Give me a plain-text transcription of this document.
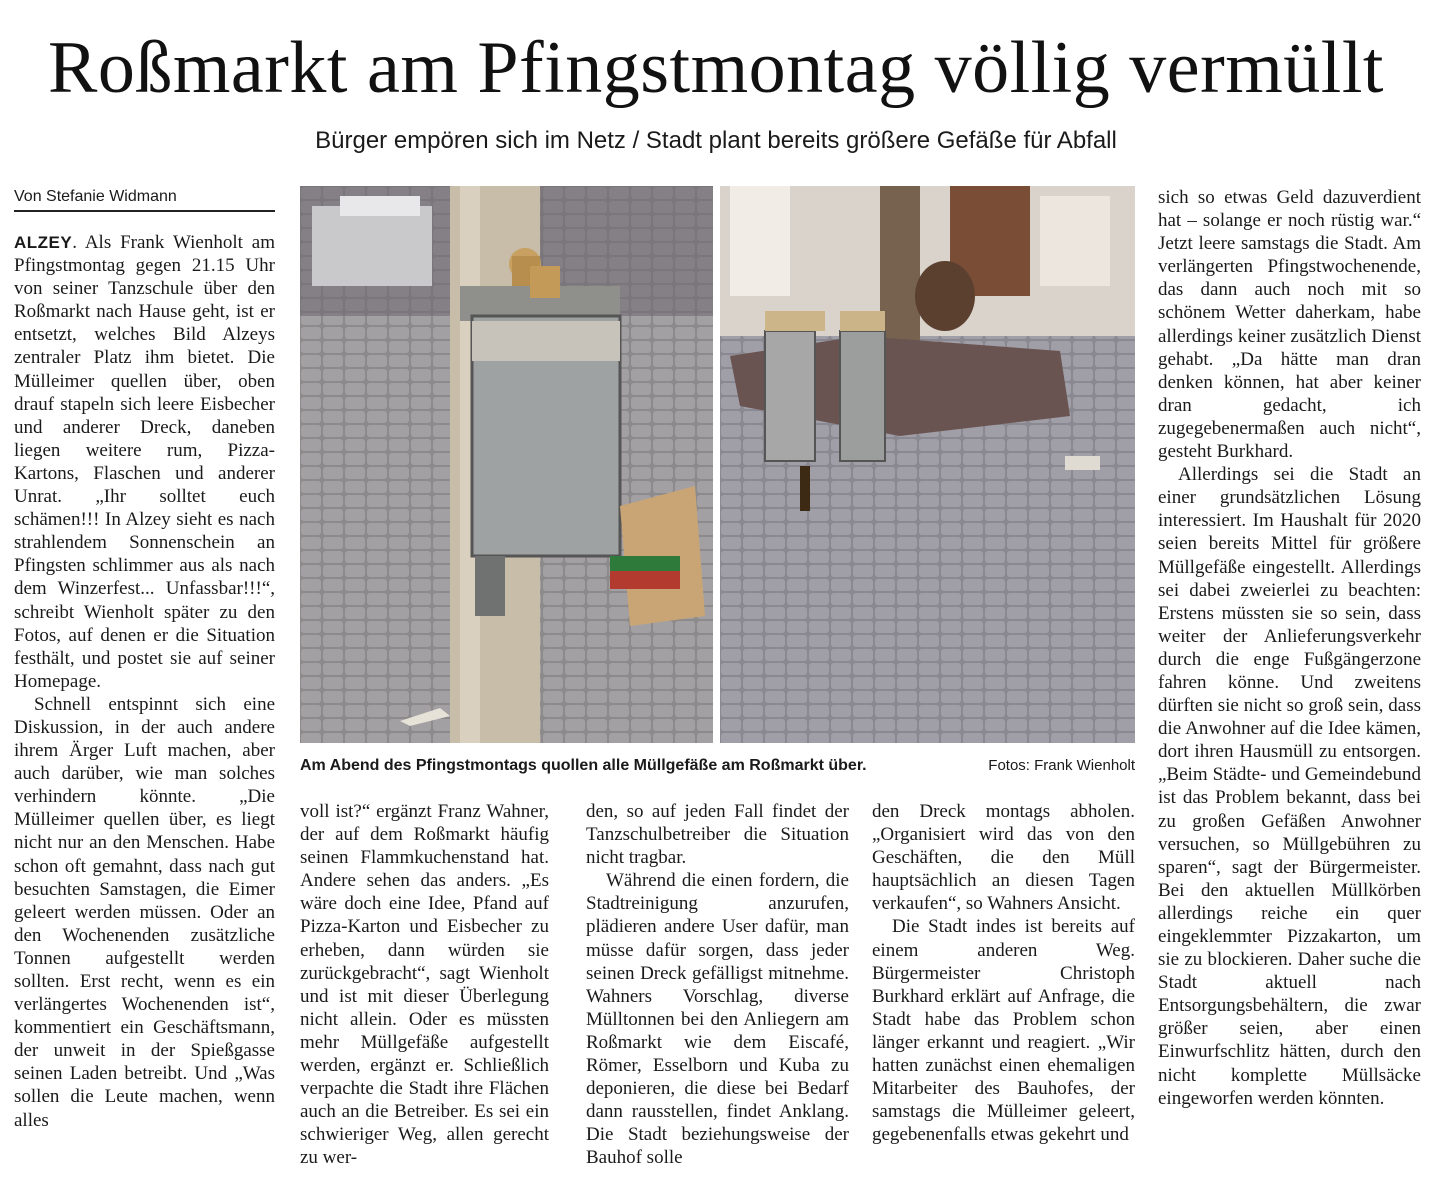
Roßmarkt am Pfingstmontag völlig vermüllt
Bürger empören sich im Netz / Stadt plant bereits größere Gefäße für Abfall
Von Stefanie Widmann

ALZEY. Als Frank Wienholt am Pfingstmontag gegen 21.15 Uhr von seiner Tanzschule über den Roßmarkt nach Hause geht, ist er entsetzt, welches Bild Alzeys zentraler Platz ihm bietet. Die Mülleimer quellen über, oben drauf stapeln sich leere Eisbecher und anderer Dreck, daneben liegen weitere rum, Pizza-Kartons, Flaschen und anderer Unrat. „Ihr solltet euch schämen!!! In Alzey sieht es nach strahlendem Sonnenschein an Pfingsten schlimmer aus als nach dem Winzerfest... Unfassbar!!!“, schreibt Wienholt später zu den Fotos, auf denen er die Situation festhält, und postet sie auf seiner Homepage.

Schnell entspinnt sich eine Diskussion, in der auch andere ihrem Ärger Luft machen, aber auch darüber, wie man solches verhindern könnte. „Die Mülleimer quellen über, es liegt nicht nur an den Menschen. Habe schon oft gemahnt, dass nach gut besuchten Samstagen, die Eimer geleert werden müssen. Oder an den Wochenenden zusätzliche Tonnen aufgestellt werden sollten. Erst recht, wenn es ein verlängertes Wochenenden ist“, kommentiert ein Geschäftsmann, der unweit in der Spießgasse seinen Laden betreibt. Und „Was sollen die Leute machen, wenn alles

Am Abend des Pfingstmontags quollen alle Müllgefäße am Roßmarkt über.	Fotos: Frank Wienholt

voll ist?“ ergänzt Franz Wahner, der auf dem Roßmarkt häufig seinen Flammkuchenstand hat. Andere sehen das anders. „Es wäre doch eine Idee, Pfand auf Pizza-Karton und Eisbecher zu erheben, dann würden sie zurückgebracht“, sagt Wienholt und ist mit dieser Überlegung nicht allein. Oder es müssten mehr Müllgefäße aufgestellt werden, ergänzt er. Schließlich verpachte die Stadt ihre Flächen auch an die Betreiber. Es sei ein schwieriger Weg, allen gerecht zu wer-

den, so auf jeden Fall findet der Tanzschulbetreiber die Situation nicht tragbar.

Während die einen fordern, die Stadtreinigung anzurufen, plädieren andere User dafür, man müsse dafür sorgen, dass jeder seinen Dreck gefälligst mitnehme. Wahners Vorschlag, diverse Mülltonnen bei den Anliegern am Roßmarkt wie dem Eiscafé, Römer, Esselborn und Kuba zu deponieren, die diese bei Bedarf dann rausstellen, findet Anklang. Die Stadt beziehungsweise der Bauhof solle

den Dreck montags abholen. „Organisiert wird das von den Geschäften, die den Müll hauptsächlich an diesen Tagen verkaufen“, so Wahners Ansicht.

Die Stadt indes ist bereits auf einem anderen Weg. Bürgermeister Christoph Burkhard erklärt auf Anfrage, die Stadt habe das Problem schon länger erkannt und reagiert. „Wir hatten zunächst einen ehemaligen Mitarbeiter des Bauhofes, der samstags die Mülleimer geleert, gegebenenfalls etwas gekehrt und

sich so etwas Geld dazuverdient hat – solange er noch rüstig war.“ Jetzt leere samstags die Stadt. Am verlängerten Pfingstwochenende, das dann auch noch mit so schönem Wetter daherkam, habe allerdings keiner zusätzlich Dienst gehabt. „Da hätte man dran denken können, hat aber keiner dran gedacht, ich zugegebenermaßen auch nicht“, gesteht Burkhard.

Allerdings sei die Stadt an einer grundsätzlichen Lösung interessiert. Im Haushalt für 2020 seien bereits Mittel für größere Müllgefäße eingestellt. Allerdings sei dabei zweierlei zu beachten: Erstens müssten sie so sein, dass weiter der Anlieferungsverkehr durch die enge Fußgängerzone fahren könne. Und zweitens dürften sie nicht so groß sein, dass die Anwohner auf die Idee kämen, dort ihren Hausmüll zu entsorgen. „Beim Städte- und Gemeindebund ist das Problem bekannt, dass bei zu großen Gefäßen Anwohner versuchen, so Müllgebühren zu sparen“, sagt der Bürgermeister. Bei den aktuellen Müllkörben allerdings reiche ein quer eingeklemmter Pizzakarton, um sie zu blockieren. Daher suche die Stadt aktuell nach Entsorgungsbehältern, die zwar größer seien, aber einen Einwurfschlitz hätten, durch den nicht komplette Müllsäcke eingeworfen werden könnten.
